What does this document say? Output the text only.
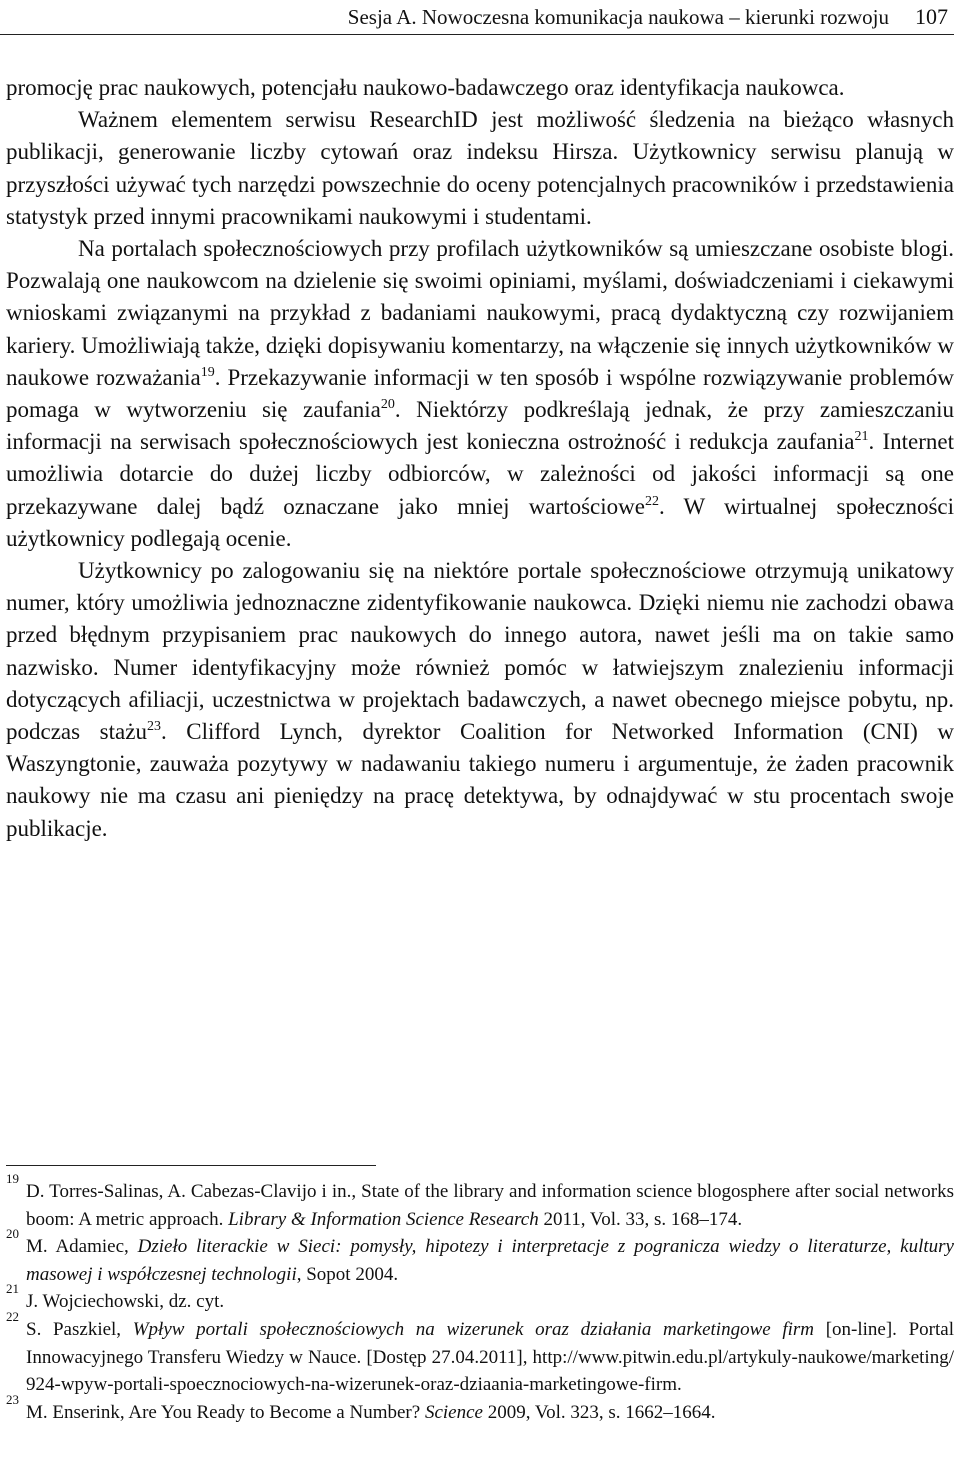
Sesja A. Nowoczesna komunikacja naukowa – kierunki rozwoju 107

promocję prac naukowych, potencjału naukowo-badawczego oraz identyfikacja naukowca.

Ważnem elementem serwisu ResearchID jest możliwość śledzenia na bieżąco własnych publikacji, generowanie liczby cytowań oraz indeksu Hirsza. Użytkownicy serwisu planują w przyszłości używać tych narzędzi powszechnie do oceny potencjalnych pracowników i przedstawienia statystyk przed innymi pracownikami naukowymi i studentami.

Na portalach społecznościowych przy profilach użytkowników są umieszczane osobiste blogi. Pozwalają one naukowcom na dzielenie się swoimi opiniami, myślami, doświadczeniami i ciekawymi wnioskami związanymi na przykład z badaniami naukowymi, pracą dydaktyczną czy rozwijaniem kariery. Umożliwiają także, dzięki dopisywaniu komentarzy, na włączenie się innych użytkowników w naukowe rozważania$^{19}$. Przekazywanie informacji w ten sposób i wspólne rozwiązywanie problemów pomaga w wytworzeniu się zaufania$^{20}$. Niektórzy podkreślają jednak, że przy zamieszczaniu informacji na serwisach społecznościowych jest konieczna ostrożność i redukcja zaufania$^{21}$. Internet umożliwia dotarcie do dużej liczby odbiorców, w zależności od jakości informacji są one przekazywane dalej bądź oznaczane jako mniej wartościowe$^{22}$. W wirtualnej społeczności użytkownicy podlegają ocenie.

Użytkownicy po zalogowaniu się na niektóre portale społecznościowe otrzymują unikatowy numer, który umożliwia jednoznaczne zidentyfikowanie naukowca. Dzięki niemu nie zachodzi obawa przed błędnym przypisaniem prac naukowych do innego autora, nawet jeśli ma on takie samo nazwisko. Numer identyfikacyjny może również pomóc w łatwiejszym znalezieniu informacji dotyczących afiliacji, uczestnictwa w projektach badawczych, a nawet obecnego miejsce pobytu, np. podczas stażu$^{23}$. Clifford Lynch, dyrektor Coalition for Networked Information (CNI) w Waszyngtonie, zauważa pozytywy w nadawaniu takiego numeru i argumentuje, że żaden pracownik naukowy nie ma czasu ani pieniędzy na pracę detektywa, by odnajdywać w stu procentach swoje publikacje.

19
D. Torres-Salinas, A. Cabezas-Clavijo i in., State of the library and information science blogosphere after social networks boom: A metric approach. Library & Information Science Research 2011, Vol. 33, s. 168–174.

20
M. Adamiec, Dzieło literackie w Sieci: pomysły, hipotezy i interpretacje z pogranicza wiedzy o literaturze, kultury masowej i współczesnej technologii, Sopot 2004.

21
J. Wojciechowski, dz. cyt.

22
S. Paszkiel, Wpływ portali społecznościowych na wizerunek oraz działania marketingowe firm [on-line]. Portal Innowacyjnego Transferu Wiedzy w Nauce. [Dostęp 27.04.2011], http://www.pitwin.edu.pl/artykuly-naukowe/marketing/924-wpyw-portali-spoecznociowych-na-wizerunek-oraz-dziaania-marketingowe-firm.

23
M. Enserink, Are You Ready to Become a Number? Science 2009, Vol. 323, s. 1662–1664.
